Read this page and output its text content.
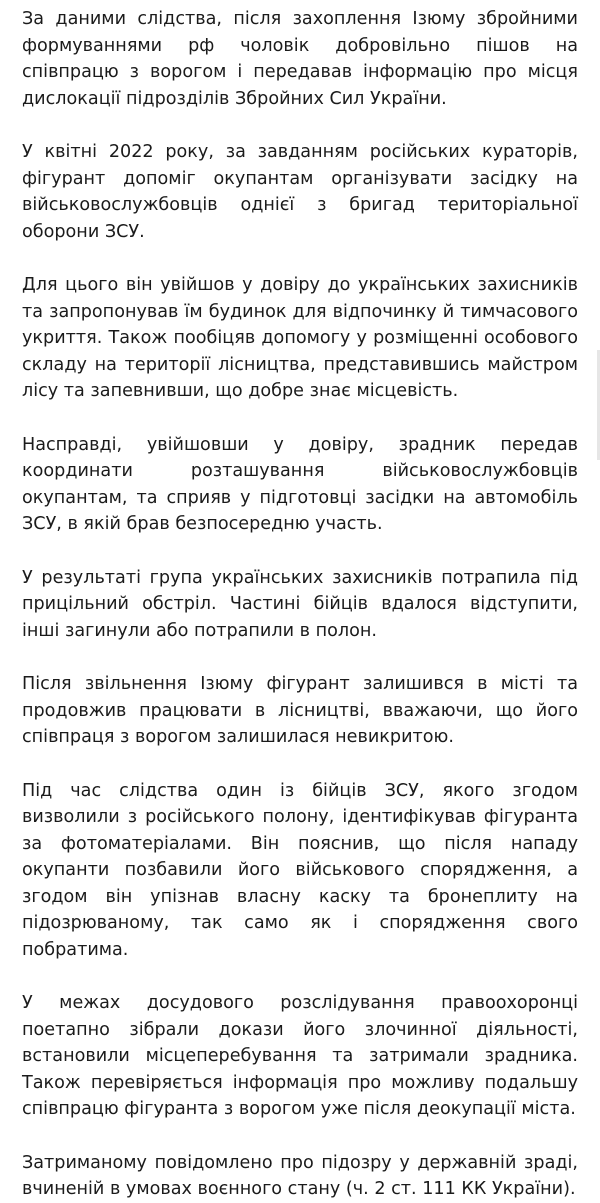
За даними слідства, після захоплення Ізюму збройними формуваннями рф чоловік добровільно пішов на співпрацю з ворогом і передавав інформацію про місця дислокації підрозділів Збройних Сил України.

У квітні 2022 року, за завданням російських кураторів, фігурант допоміг окупантам організувати засідку на військовослужбовців однієї з бригад територіальної оборони ЗСУ.

Для цього він увійшов у довіру до українських захисників та запропонував їм будинок для відпочинку й тимчасового укриття. Також пообіцяв допомогу у розміщенні особового складу на території лісництва, представившись майстром лісу та запевнивши, що добре знає місцевість.

Насправді, увійшовши у довіру, зрадник передав координати розташування військовослужбовців окупантам, та сприяв у підготовці засідки на автомобіль ЗСУ, в якій брав безпосередню участь.

У результаті група українських захисників потрапила під прицільний обстріл. Частині бійців вдалося відступити, інші загинули або потрапили в полон.

Після звільнення Ізюму фігурант залишився в місті та продовжив працювати в лісництві, вважаючи, що його співпраця з ворогом залишилася невикритою.

Під час слідства один із бійців ЗСУ, якого згодом визволили з російського полону, ідентифікував фігуранта за фотоматеріалами. Він пояснив, що після нападу окупанти позбавили його військового спорядження, а згодом він упізнав власну каску та бронеплиту на підозрюваному, так само як і спорядження свого побратима.

У межах досудового розслідування правоохоронці поетапно зібрали докази його злочинної діяльності, встановили місцеперебування та затримали зрадника. Також перевіряється інформація про можливу подальшу співпрацю фігуранта з ворогом уже після деокупації міста.

Затриманому повідомлено про підозру у державній зраді, вчиненій в умовах воєнного стану (ч. 2 ст. 111 КК України).
